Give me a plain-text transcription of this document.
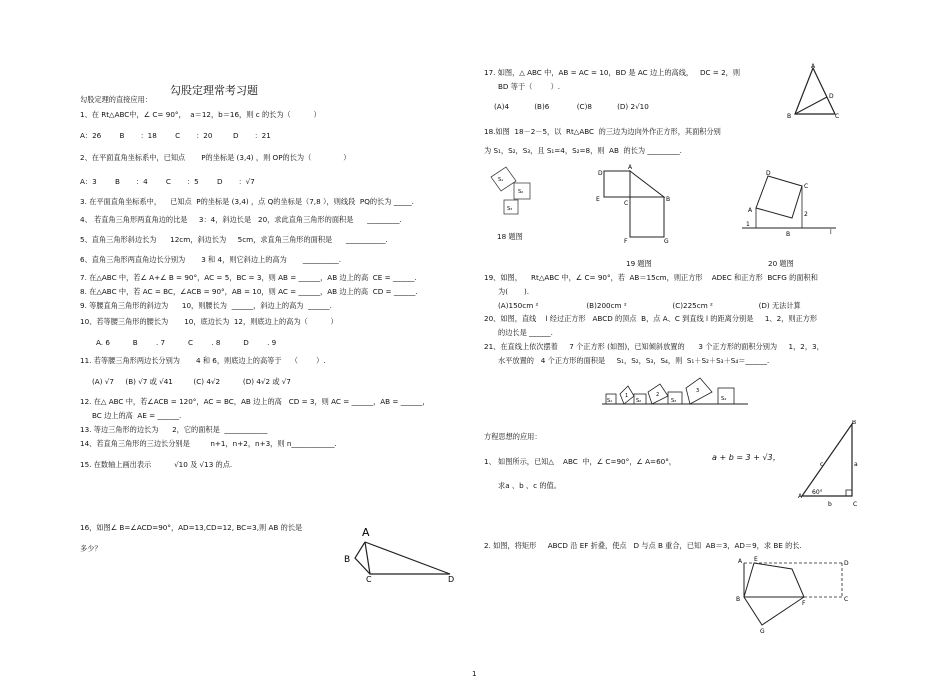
勾股定理常考习题
勾股定理的直接应用：
1、在 Rt△ABC中，∠ C= 90°，  a＝12，b＝16，则 c 的长为（          ）
A：26        B       ：18        C       ：20         D       ：21
2、在平面直角坐标系中，已知点       P的坐标是 (3,4) ，则 OP的长为（              ）
A：3        B       ：4        C       ：5        D       ：√7
3. 在平面直角坐标系中，    已知点  P的坐标是 (3,4) ，点 Q的坐标是（7,8 ），则线段  PQ的长为 _____.
4、 若直角三角形两直角边的比是     3：4，斜边长是   20，求此直角三角形的面积是      _________.
5、直角三角形斜边长为      12cm，斜边长为     5cm，求直角三角形的面积是      ___________.
6、直角三角形两直角边长分别为       3 和 4，则它斜边上的高为       __________.
7. 在△ABC 中，若∠ A+∠ B = 90°，AC = 5，BC = 3，则 AB = ______，AB 边上的高  CE = ______.
8. 在△ABC 中，若 AC = BC，∠ACB = 90°，AB = 10，则 AC = ______，AB 边上的高  CD = ______.
9. 等腰直角三角形的斜边为      10，则腰长为  ______，斜边上的高为  ______.
10、若等腰三角形的腰长为       10，底边长为  12，则底边上的高为（          ）
A. 6          B        . 7          C        . 8          D        . 9
11. 若等腰三角形两边长分别为       4 和 6，则底边上的高等于    （        ）.
(A) √7     (B) √7 或 √41         (C) 4√2          (D) 4√2 或 √7
12. 在△ ABC 中，若∠ACB = 120°，AC = BC，AB 边上的高   CD = 3，则 AC = ______，AB = ______，
BC 边上的高  AE = ______.
13. 等边三角形的边长为      2，它的面积是  ____________
14、若直角三角形的三边长分别是         n+1，n+2，n+3，则 n____________.
15. 在数轴上画出表示          √10 及 √13 的点.
16，如图∠ B=∠ACD=90°，AD=13,CD=12, BC=3,则 AB 的长是
多少？
A
B
C	D
17. 如图，△ ABC 中，AB = AC = 10，BD 是 AC 边上的高线，   DC = 2，则
BD 等于（        ）.
(A)4           (B)6            (C)8           (D) 2√10
A
B	C
D
18.如图  18－2－5，以  Rt△ABC  的三边为边向外作正方形，其面积分别
为 S₁，S₂，S₃，且 S₁=4，S₂=8，则  AB  的长为 _________.
S₁
S₂
S₃
18 题图
D
A
E
C
B
F	G
19 题图
D
A
C
B
1
2
l
20 题图
19、如图，    Rt△ABC 中，∠ C= 90°，若  AB＝15cm，则正方形    ADEC 和正方形  BCFG 的面积和
为(       ).
(A)150cm ²                     (B)200cm ²                    (C)225cm ²                    (D) 无法计算
20、如图，直线    l 经过正方形   ABCD 的顶点  B，点 A、C 到直线 l 的距离分别是     1、2，则正方形
的边长是 ______.
21、在直线上依次摆着     7 个正方形 (如图)，已知倾斜放置的      3 个正方形的面积分别为     1，2，3，
水平放置的   4 个正方形的面积是     S₁，S₂，S₃，S₄，则  S₁＋S₂＋S₃＋S₄＝______.
S₁	S₂	S₃	S₄
1	2
3
方程思想的应用：
1、 如图所示，已知△    ABC  中，∠ C=90°，∠ A=60°，	a + b = 3 + √3，
求a 、b 、c 的值。
B
A
C
c	a
b
60°
2. 如图，将矩形     ABCD 沿 EF 折叠，使点   D 与点 B 重合，已知  AB＝3，AD＝9，求 BE 的长.
A E
D
B
F
C
G
1
